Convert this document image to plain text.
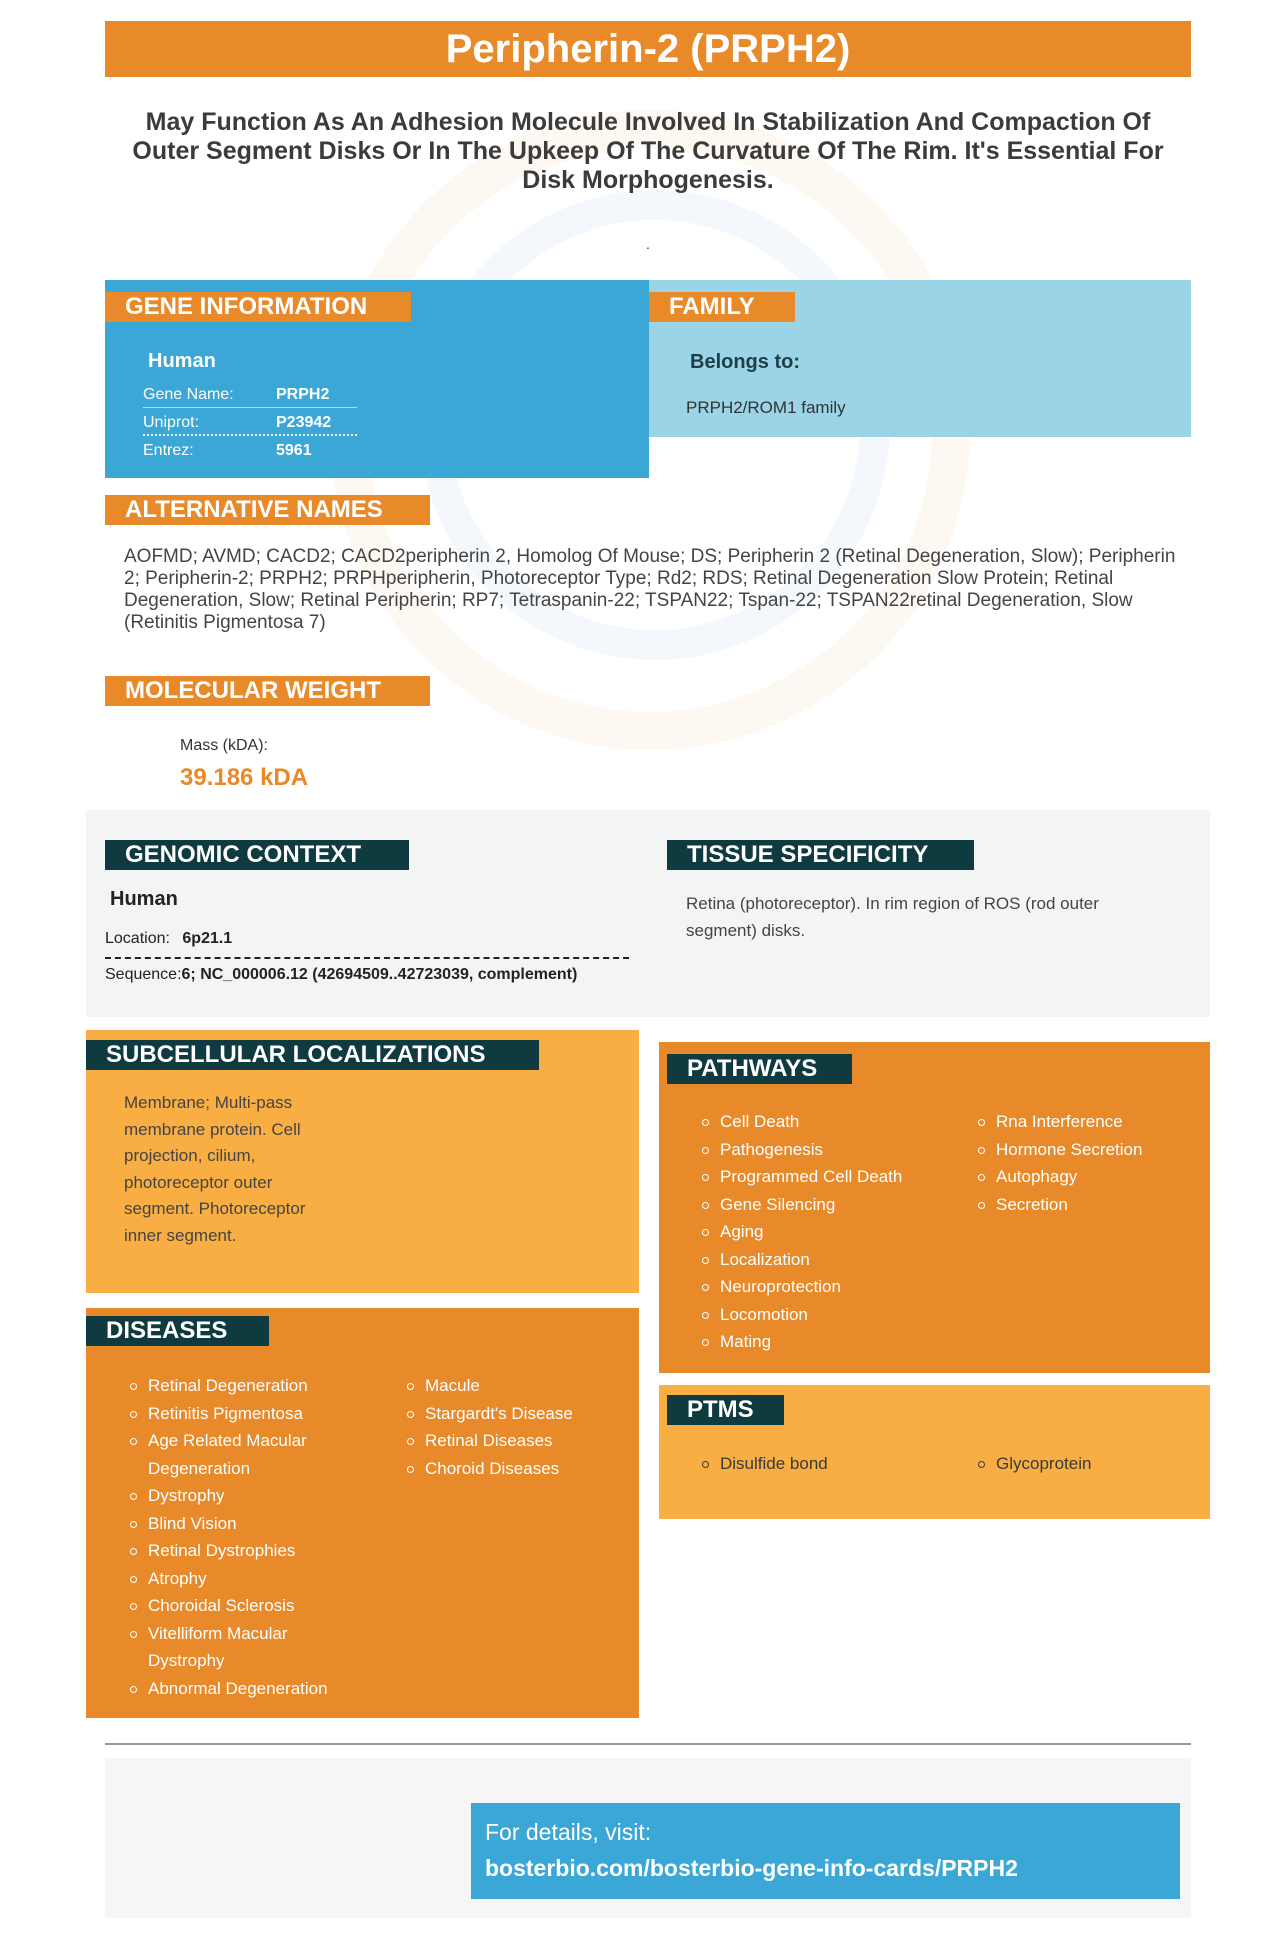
Peripherin-2 (PRPH2)
May Function As An Adhesion Molecule Involved In Stabilization And Compaction Of Outer Segment Disks Or In The Upkeep Of The Curvature Of The Rim. It's Essential For Disk Morphogenesis.
.
GENE INFORMATION
Human
Gene Name:	PRPH2
Uniprot:	P23942
Entrez:	5961
FAMILY
Belongs to:
PRPH2/ROM1 family
ALTERNATIVE NAMES
AOFMD; AVMD; CACD2; CACD2peripherin 2, Homolog Of Mouse; DS; Peripherin 2 (Retinal Degeneration, Slow); Peripherin 2; Peripherin-2; PRPH2; PRPHperipherin, Photoreceptor Type; Rd2; RDS; Retinal Degeneration Slow Protein; Retinal Degeneration, Slow; Retinal Peripherin; RP7; Tetraspanin-22; TSPAN22; Tspan-22; TSPAN22retinal Degeneration, Slow (Retinitis Pigmentosa 7)
MOLECULAR WEIGHT
Mass (kDA):
39.186 kDA
GENOMIC CONTEXT
Human
Location: 6p21.1
Sequence:6; NC_000006.12 (42694509..42723039, complement)
TISSUE SPECIFICITY
Retina (photoreceptor). In rim region of ROS (rod outer segment) disks.
SUBCELLULAR LOCALIZATIONS
Membrane; Multi-pass membrane protein. Cell projection, cilium, photoreceptor outer segment. Photoreceptor inner segment.
DISEASES
Retinal Degeneration
Retinitis Pigmentosa
Age Related Macular Degeneration
Dystrophy
Blind Vision
Retinal Dystrophies
Atrophy
Choroidal Sclerosis
Vitelliform Macular Dystrophy
Abnormal Degeneration
Macule
Stargardt's Disease
Retinal Diseases
Choroid Diseases
PATHWAYS
Cell Death
Pathogenesis
Programmed Cell Death
Gene Silencing
Aging
Localization
Neuroprotection
Locomotion
Mating
Rna Interference
Hormone Secretion
Autophagy
Secretion
PTMS
Disulfide bond	Glycoprotein
For details, visit:
bosterbio.com/bosterbio-gene-info-cards/PRPH2
